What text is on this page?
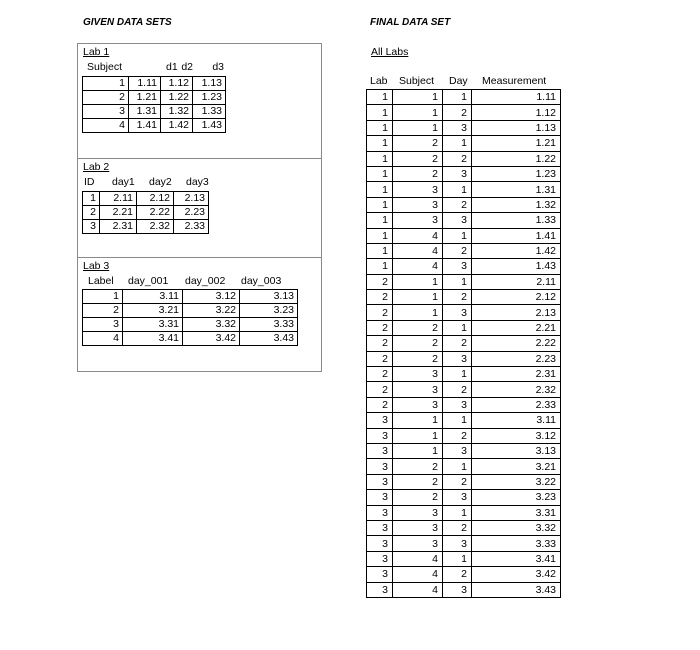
GIVEN DATA SETS	FINAL DATA SET
Lab 1
Subject	d1 d2	d3
1	1.11	1.12	1.13
2	1.21	1.22	1.23
3	1.31	1.32	1.33
4	1.41	1.42	1.43
Lab 2
ID day1 day2 day3
1	2.11	2.12	2.13
2	2.21	2.22	2.23
3	2.31	2.32	2.33
Lab 3
Label day_001 day_002 day_003
1	3.11	3.12	3.13
2	3.21	3.22	3.23
3	3.31	3.32	3.33
4	3.41	3.42	3.43
All Labs
Lab Subject Day Measurement
1	1	1	1.11
1	1	2	1.12
1	1	3	1.13
1	2	1	1.21
1	2	2	1.22
1	2	3	1.23
1	3	1	1.31
1	3	2	1.32
1	3	3	1.33
1	4	1	1.41
1	4	2	1.42
1	4	3	1.43
2	1	1	2.11
2	1	2	2.12
2	1	3	2.13
2	2	1	2.21
2	2	2	2.22
2	2	3	2.23
2	3	1	2.31
2	3	2	2.32
2	3	3	2.33
3	1	1	3.11
3	1	2	3.12
3	1	3	3.13
3	2	1	3.21
3	2	2	3.22
3	2	3	3.23
3	3	1	3.31
3	3	2	3.32
3	3	3	3.33
3	4	1	3.41
3	4	2	3.42
3	4	3	3.43
